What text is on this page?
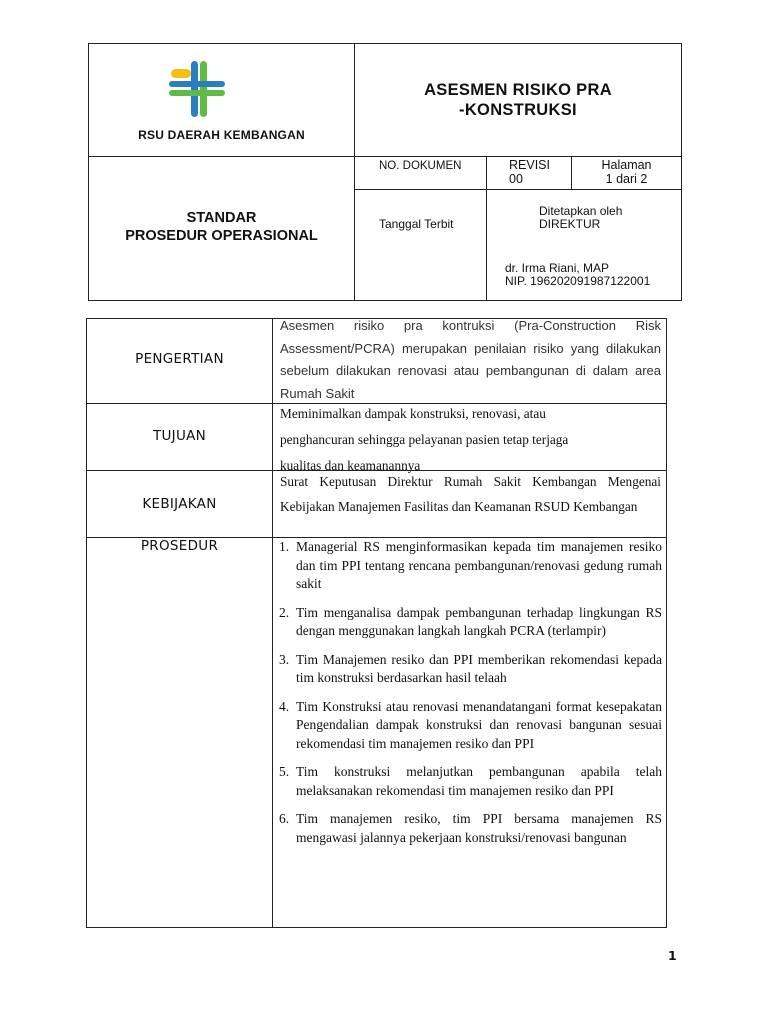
RSU DAERAH KEMBANGAN
ASESMEN RISIKO PRA
-KONSTRUKSI
STANDAR
PROSEDUR OPERASIONAL
NO. DOKUMEN	REVISI
00
Halaman
1 dari 2
Tanggal Terbit
Ditetapkan oleh
DIREKTUR
dr. Irma Riani, MAP
NIP. 196202091987122001
PENGERTIAN
TUJUAN
KEBIJAKAN
PROSEDUR
Asesmen risiko pra kontruksi (Pra-Construction Risk Assessment/PCRA) merupakan penilaian risiko yang dilakukan sebelum dilakukan renovasi atau pembangunan di dalam area Rumah Sakit
Meminimalkan dampak konstruksi, renovasi, atau penghancuran sehingga pelayanan pasien tetap terjaga kualitas dan keamanannya
Surat Keputusan Direktur Rumah Sakit Kembangan Mengenai Kebijakan Manajemen Fasilitas dan Keamanan RSUD Kembangan
1. Managerial RS menginformasikan kepada tim manajemen resiko dan tim PPI tentang rencana pembangunan/renovasi gedung rumah sakit
2. Tim menganalisa dampak pembangunan terhadap lingkungan RS dengan menggunakan langkah langkah PCRA (terlampir)
3. Tim Manajemen resiko dan PPI memberikan rekomendasi kepada tim konstruksi berdasarkan hasil telaah
4. Tim Konstruksi atau renovasi menandatangani format kesepakatan Pengendalian dampak konstruksi dan renovasi bangunan sesuai rekomendasi tim manajemen resiko dan PPI
5. Tim konstruksi melanjutkan pembangunan apabila telah melaksanakan rekomendasi tim manajemen resiko dan PPI
6. Tim manajemen resiko, tim PPI bersama manajemen RS mengawasi jalannya pekerjaan konstruksi/renovasi bangunan
1
